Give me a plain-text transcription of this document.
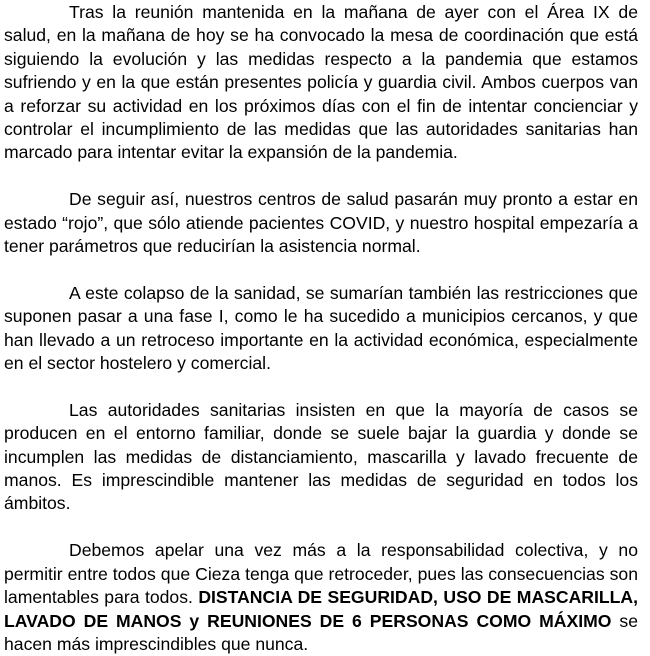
Tras la reunión mantenida en la mañana de ayer con el Área IX de salud, en la mañana de hoy se ha convocado la mesa de coordinación que está siguiendo la evolución y las medidas respecto a la pandemia que estamos sufriendo y en la que están presentes policía y guardia civil. Ambos cuerpos van a reforzar su actividad en los próximos días con el fin de intentar concienciar y controlar el incumplimiento de las medidas que las autoridades sanitarias han marcado para intentar evitar la expansión de la pandemia.

De seguir así, nuestros centros de salud pasarán muy pronto a estar en estado “rojo”, que sólo atiende pacientes COVID, y nuestro hospital empezaría a tener parámetros que reducirían la asistencia normal.

A este colapso de la sanidad, se sumarían también las restricciones que suponen pasar a una fase I, como le ha sucedido a municipios cercanos, y que han llevado a un retroceso importante en la actividad económica, especialmente en el sector hostelero y comercial.

Las autoridades sanitarias insisten en que la mayoría de casos se producen en el entorno familiar, donde se suele bajar la guardia y donde se incumplen las medidas de distanciamiento, mascarilla y lavado frecuente de manos. Es imprescindible mantener las medidas de seguridad en todos los ámbitos.

Debemos apelar una vez más a la responsabilidad colectiva, y no permitir entre todos que Cieza tenga que retroceder, pues las consecuencias son lamentables para todos. DISTANCIA DE SEGURIDAD, USO DE MASCARILLA, LAVADO DE MANOS y REUNIONES DE 6 PERSONAS COMO MÁXIMO se hacen más imprescindibles que nunca.
